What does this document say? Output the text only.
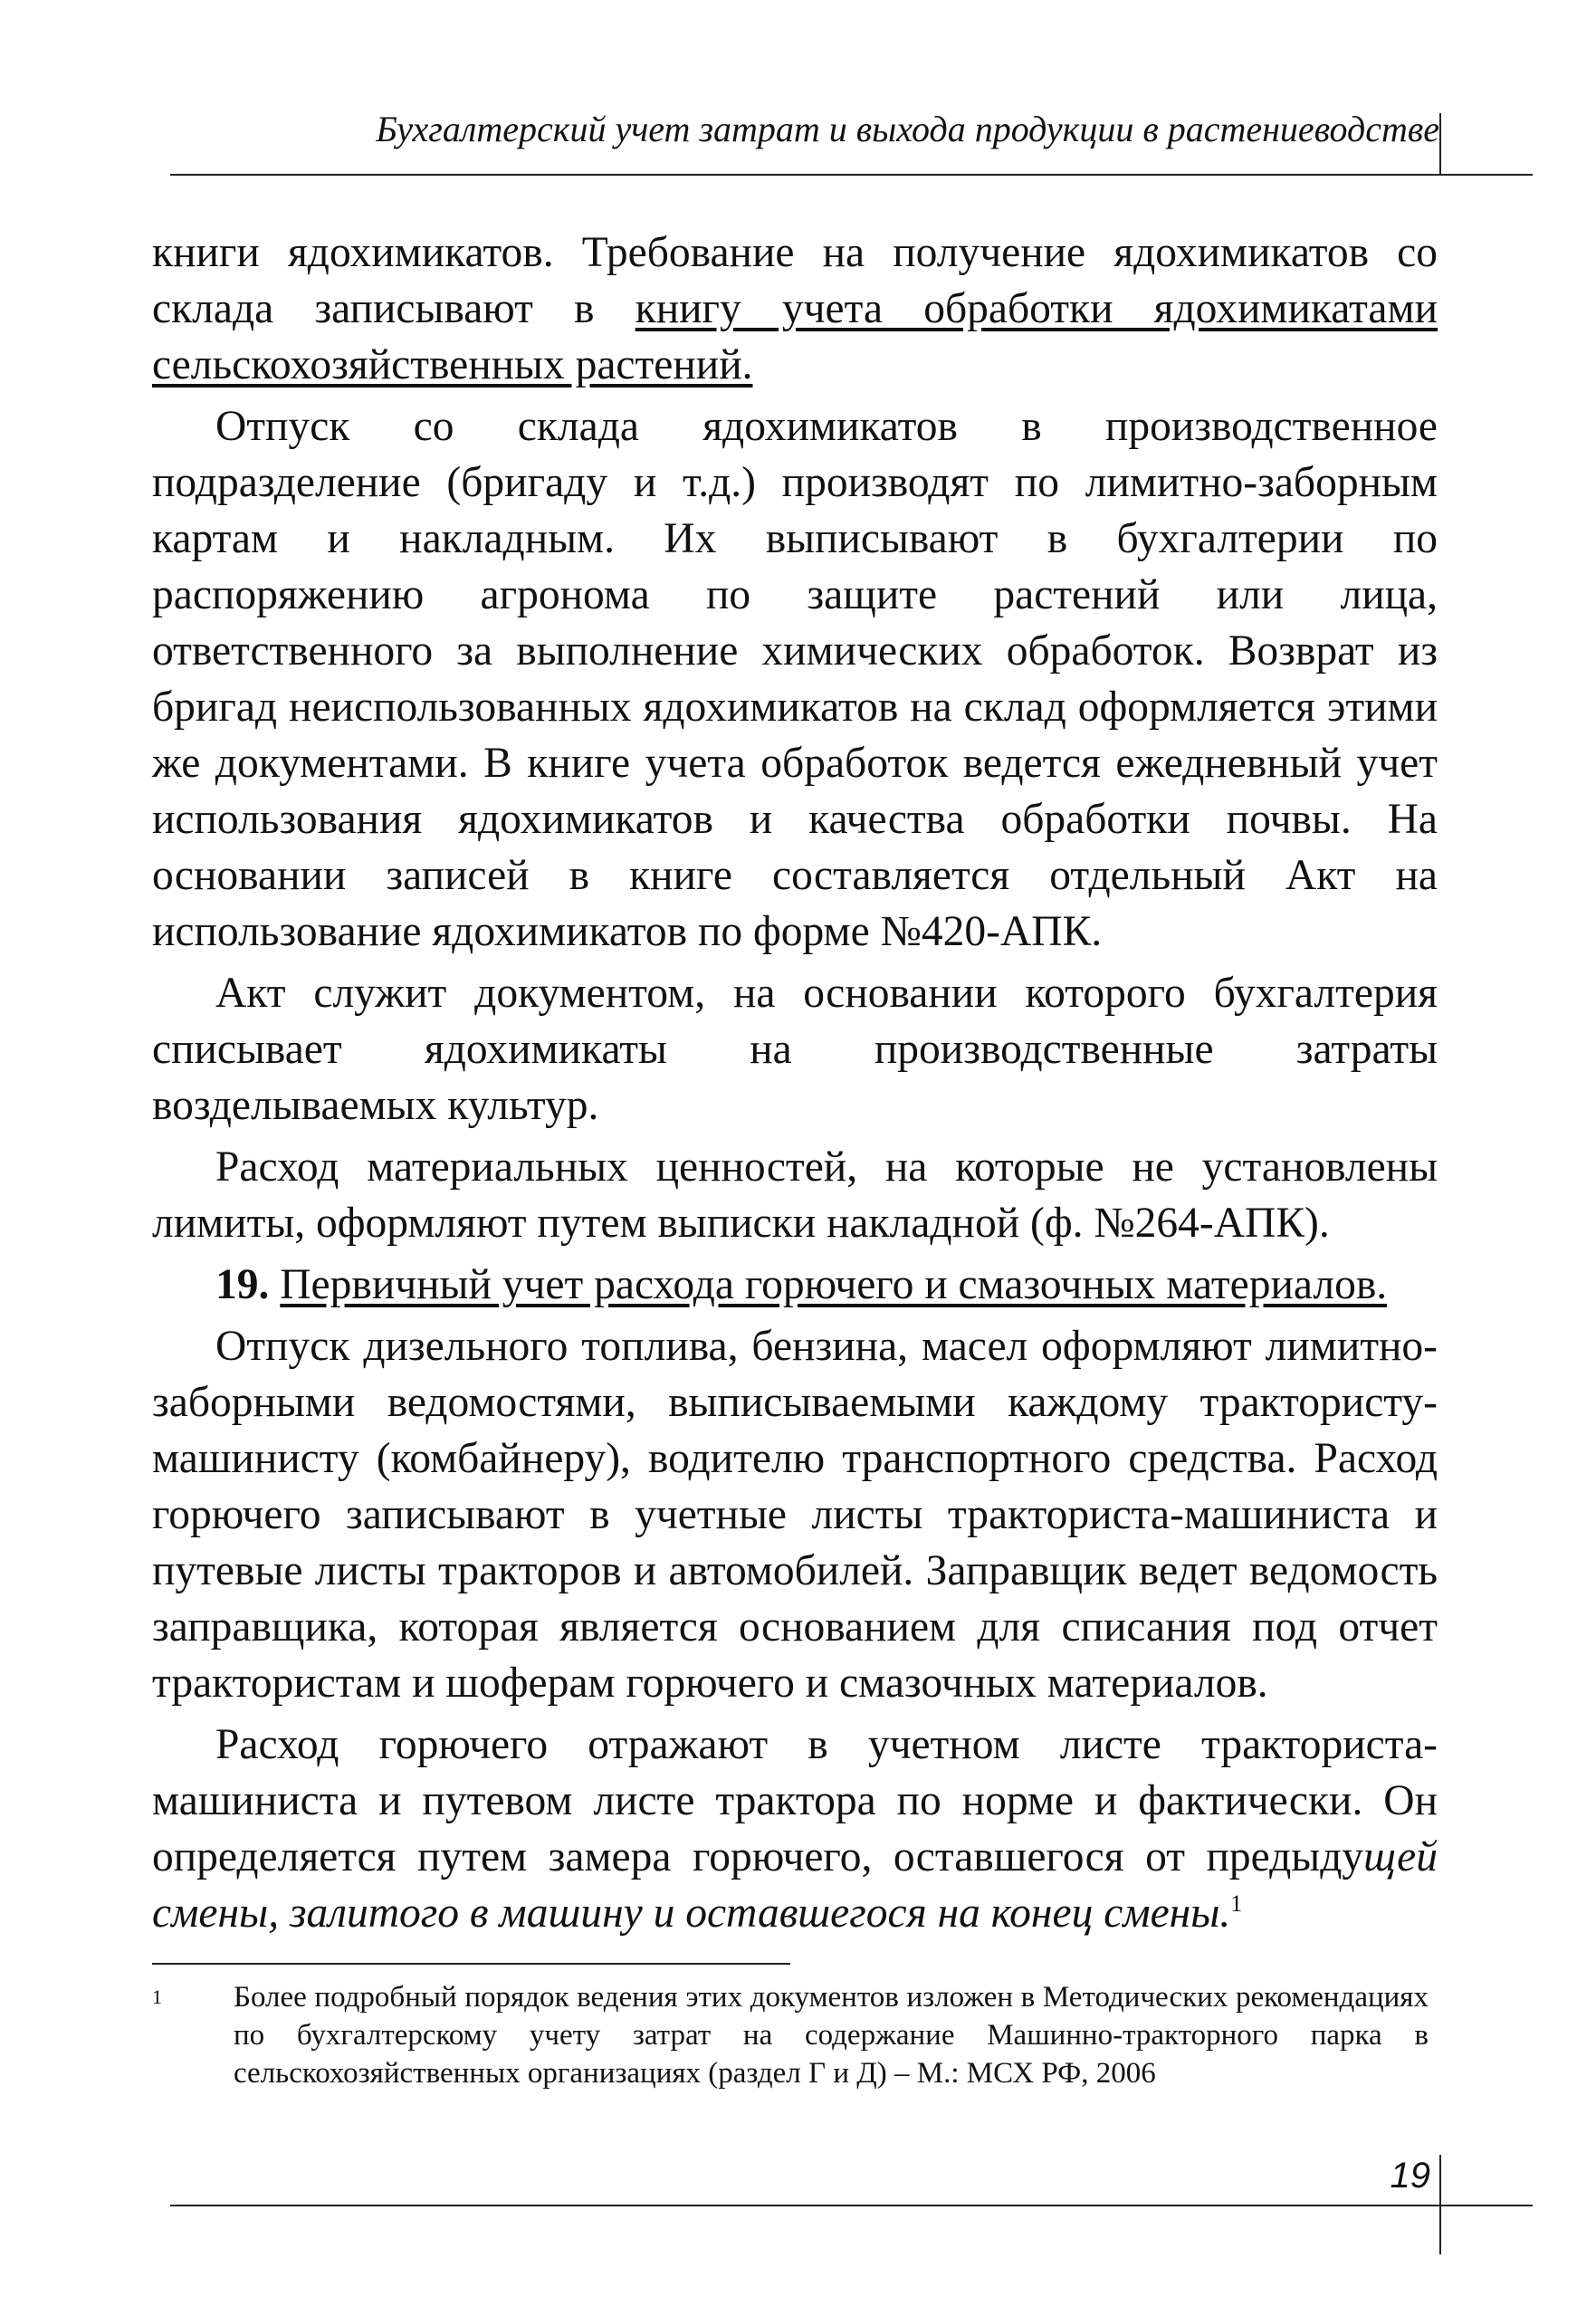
Бухгалтерский учет затрат и выхода продукции в растениеводстве

книги ядохимикатов. Требование на получение ядохимикатов со склада записывают в книгу учета обработки ядохимикатами сельскохозяйственных растений.

Отпуск со склада ядохимикатов в производственное подразделение (бригаду и т.д.) производят по лимитно-заборным картам и накладным. Их выписывают в бухгалтерии по распоряжению агронома по защите растений или лица, ответственного за выполнение химических обработок. Возврат из бригад неиспользованных ядохимикатов на склад оформляется этими же документами. В книге учета обработок ведется ежедневный учет использования ядохимикатов и качества обработки почвы. На основании записей в книге составляется отдельный Акт на использование ядохимикатов по форме №420-АПК.

Акт служит документом, на основании которого бухгалтерия списывает ядохимикаты на производственные затраты возделываемых культур.

Расход материальных ценностей, на которые не установлены лимиты, оформляют путем выписки накладной (ф. №264-АПК).

19. Первичный учет расхода горючего и смазочных материалов.

Отпуск дизельного топлива, бензина, масел оформляют лимитно-заборными ведомостями, выписываемыми каждому трактористу-машинисту (комбайнеру), водителю транспортного средства. Расход горючего записывают в учетные листы тракториста-машиниста и путевые листы тракторов и автомобилей. Заправщик ведет ведомость заправщика, которая является основанием для списания под отчет трактористам и шоферам горючего и смазочных материалов.

Расход горючего отражают в учетном листе тракториста-машиниста и путевом листе трактора по норме и фактически. Он определяется путем замера горючего, оставшегося от предыдущей смены, залитого в машину и оставшегося на конец смены.$^1$

1 Более подробный порядок ведения этих документов изложен в Методических рекомендациях по бухгалтерскому учету затрат на содержание Машинно-тракторного парка в сельскохозяйственных организациях (раздел Г и Д) – М.: МСХ РФ, 2006
19
